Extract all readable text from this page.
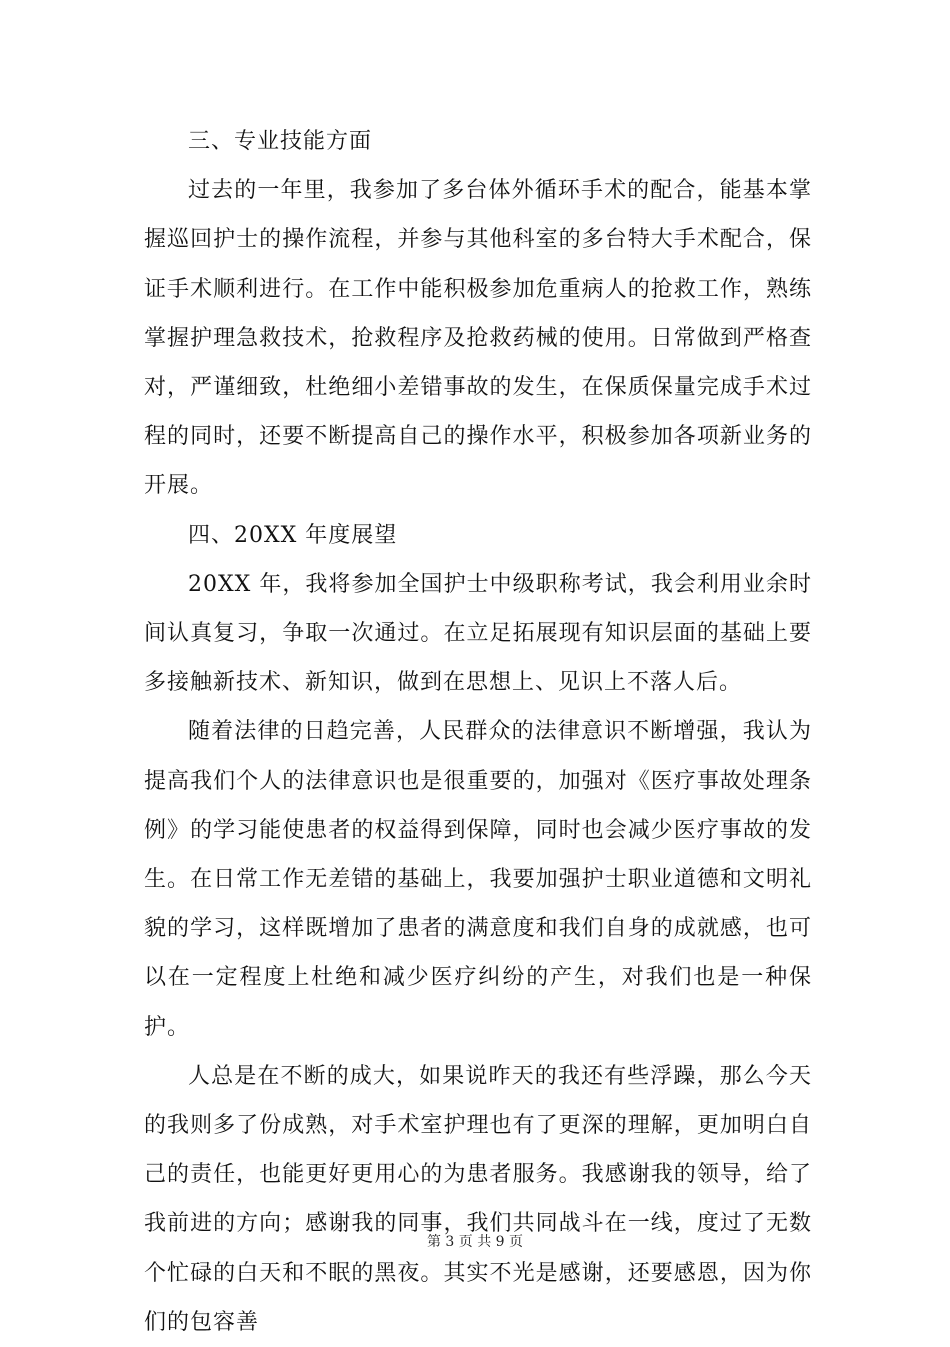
三、专业技能方面

过去的一年里，我参加了多台体外循环手术的配合，能基本掌握巡回护士的操作流程，并参与其他科室的多台特大手术配合，保证手术顺利进行。在工作中能积极参加危重病人的抢救工作，熟练掌握护理急救技术，抢救程序及抢救药械的使用。日常做到严格查对，严谨细致，杜绝细小差错事故的发生，在保质保量完成手术过程的同时，还要不断提高自己的操作水平，积极参加各项新业务的开展。

四、20XX 年度展望

20XX 年，我将参加全国护士中级职称考试，我会利用业余时间认真复习，争取一次通过。在立足拓展现有知识层面的基础上要多接触新技术、新知识，做到在思想上、见识上不落人后。

随着法律的日趋完善，人民群众的法律意识不断增强，我认为提高我们个人的法律意识也是很重要的，加强对《医疗事故处理条例》的学习能使患者的权益得到保障，同时也会减少医疗事故的发生。在日常工作无差错的基础上，我要加强护士职业道德和文明礼貌的学习，这样既增加了患者的满意度和我们自身的成就感，也可以在一定程度上杜绝和减少医疗纠纷的产生，对我们也是一种保护。

人总是在不断的成大，如果说昨天的我还有些浮躁，那么今天的我则多了份成熟，对手术室护理也有了更深的理解，更加明白自己的责任，也能更好更用心的为患者服务。我感谢我的领导，给了我前进的方向；感谢我的同事，我们共同战斗在一线，度过了无数个忙碌的白天和不眠的黑夜。其实不光是感谢，还要感恩，因为你们的包容善

第 3 页 共 9 页
